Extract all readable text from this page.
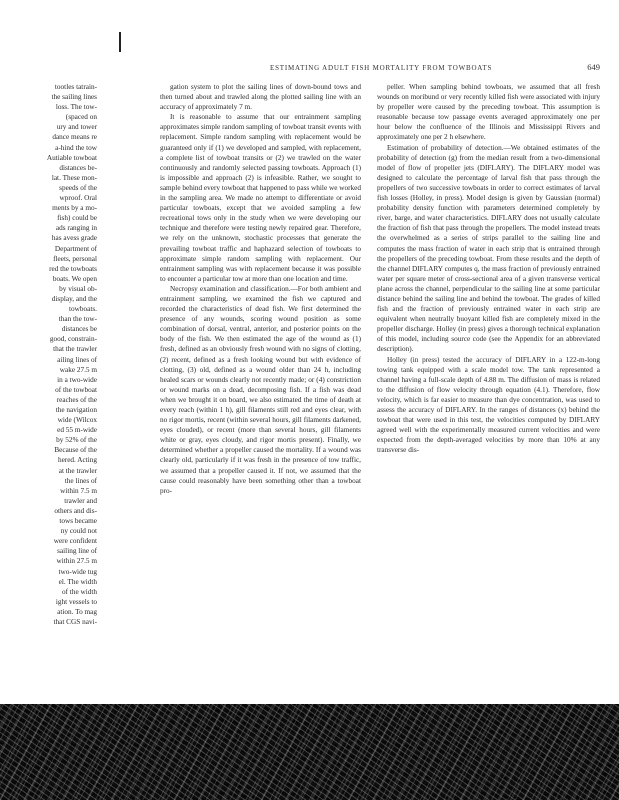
ESTIMATING ADULT FISH MORTALITY FROM TOWBOATS	649

tootles tatrain-

the sailing lines

loss. The tow-

(spaced on

ury and tower

dance means re

a-hind the tow

Autiable towboat

distances be-

lat. These mon-

speeds of the

wproof. Oral

ments by a mo-

fish) could be

ads ranging in

has avess grade

Department of

fleets, personal

red the towboats

boats. We open

by visual ob-

display, and the

towboats.

than the tow-

distances be

good, constrain-

that the trawler

ailing lines of

wake 27.5 m

in a two-wide

of the towboat

reaches of the

the navigation

wide (Wilcox

ed 55 m-wide

by 52% of the

Because of the

hered. Acting

at the trawler

the lines of

within 7.5 m

trawler and

others and dis-

tows became

ny could not

were confident

sailing line of

within 27.5 m

two-wide tug

el. The width

of the width

ight vessels to

ation. To mag

that CGS navi-

gation system to plot the sailing lines of down-bound tows and then turned about and trawled along the plotted sailing line with an accuracy of approximately 7 m.

It is reasonable to assume that our entrainment sampling approximates simple random sampling of towboat transit events with replacement. Simple random sampling with replacement would be guaranteed only if (1) we developed and sampled, with replacement, a complete list of towboat transits or (2) we trawled on the water continuously and randomly selected passing towboats. Approach (1) is impossible and approach (2) is infeasible. Rather, we sought to sample behind every towboat that happened to pass while we worked in the sampling area. We made no attempt to differentiate or avoid particular towboats, except that we avoided sampling a few recreational tows only in the study when we were developing our technique and therefore were testing newly repaired gear. Therefore, we rely on the unknown, stochastic processes that generate the prevailing towboat traffic and haphazard selection of towboats to approximate simple random sampling with replacement. Our entrainment sampling was with replacement because it was possible to encounter a particular tow at more than one location and time.

Necropsy examination and classification.—For both ambient and entrainment sampling, we examined the fish we captured and recorded the characteristics of dead fish. We first determined the presence of any wounds, scoring wound position as some combination of dorsal, ventral, anterior, and posterior points on the body of the fish. We then estimated the age of the wound as (1) fresh, defined as an obviously fresh wound with no signs of clotting, (2) recent, defined as a fresh looking wound but with evidence of clotting, (3) old, defined as a wound older than 24 h, including healed scars or wounds clearly not recently made; or (4) constriction or wound marks on a dead, decomposing fish. If a fish was dead when we brought it on board, we also estimated the time of death at every reach (within 1 h), gill filaments still red and eyes clear, with no rigor mortis, recent (within several hours, gill filaments darkened, eyes clouded), or recent (more than several hours, gill filaments white or gray, eyes cloudy, and rigor mortis present). Finally, we determined whether a propeller caused the mortality. If a wound was clearly old, particularly if it was fresh in the presence of tow traffic, we assumed that a propeller caused it. If not, we assumed that the cause could reasonably have been something other than a towboat pro-

peller. When sampling behind towboats, we assumed that all fresh wounds on moribund or very recently killed fish were associated with injury by propeller were caused by the preceding towboat. This assumption is reasonable because tow passage events averaged approximately one per hour below the confluence of the Illinois and Mississippi Rivers and approximately one per 2 h elsewhere.

Estimation of probability of detection.—We obtained estimates of the probability of detection (g) from the median result from a two-dimensional model of flow of propeller jets (DIFLARY). The DIFLARY model was designed to calculate the percentage of larval fish that pass through the propellers of two successive towboats in order to correct estimates of larval fish losses (Holley, in press). Model design is given by Gaussian (normal) probability density function with parameters determined completely by river, barge, and water characteristics. DIFLARY does not usually calculate the fraction of fish that pass through the propellers. The model instead treats the overwhelmed as a series of strips parallel to the sailing line and computes the mass fraction of water in each strip that is entrained through the propellers of the preceding towboat. From these results and the depth of the channel DIFLARY computes q, the mass fraction of previously entrained water per square meter of cross-sectional area of a given transverse vertical plane across the channel, perpendicular to the sailing line at some particular distance behind the sailing line and behind the towboat. The grades of killed fish and the fraction of previously entrained water in each strip are equivalent when neutrally buoyant killed fish are completely mixed in the propeller discharge. Holley (in press) gives a thorough technical explanation of this model, including source code (see the Appendix for an abbreviated description).

Holley (in press) tested the accuracy of DIFLARY in a 122-m-long towing tank equipped with a scale model tow. The tank represented a channel having a full-scale depth of 4.88 m. The diffusion of mass is related to the diffusion of flow velocity through equation (4.1). Therefore, flow velocity, which is far easier to measure than dye concentration, was used to assess the accuracy of DIFLARY. In the ranges of distances (x) behind the towboat that were used in this test, the velocities computed by DIFLARY agreed well with the experimentally measured current velocities and were expected from the depth-averaged velocities by more than 10% at any transverse dis-
